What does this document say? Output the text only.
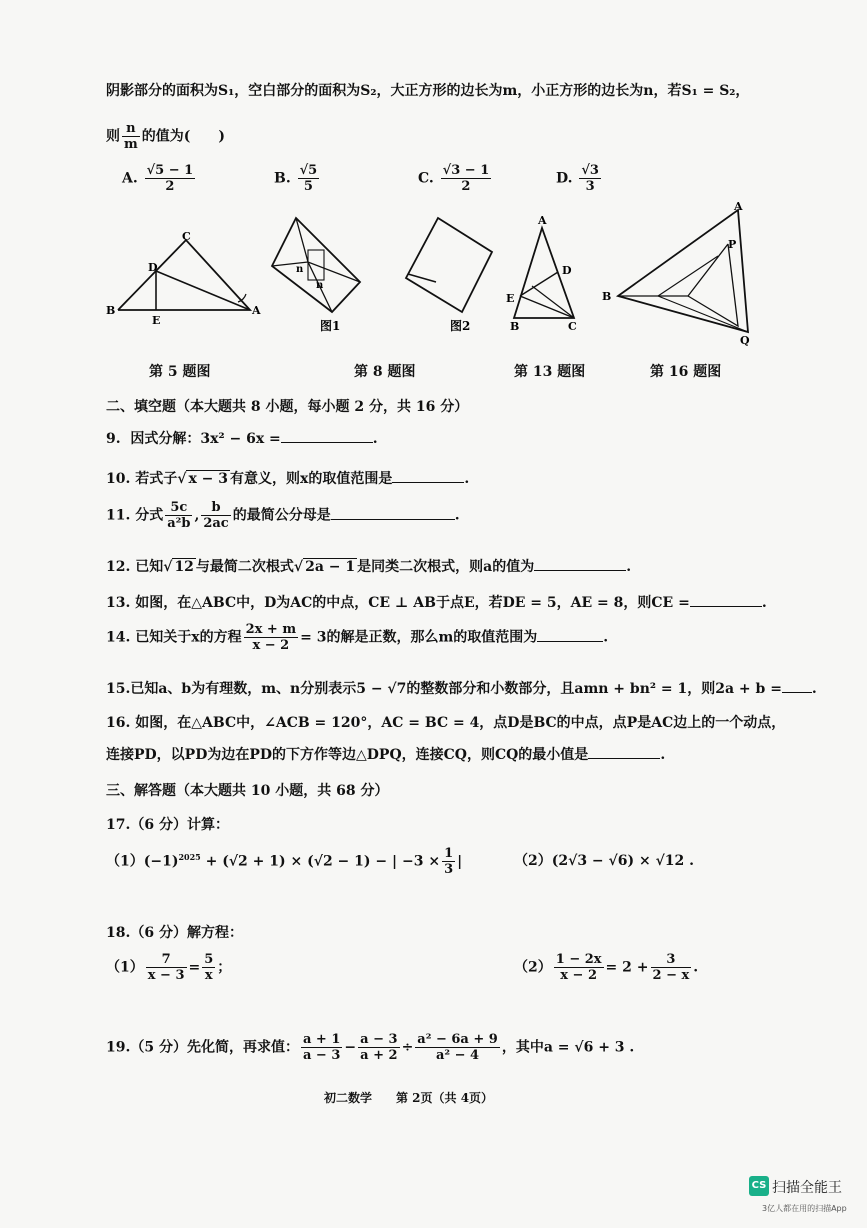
阴影部分的面积为S₁，空白部分的面积为S₂，大正方形的边长为m，小正方形的边长为n，若S₁ = S₂，
则 $\frac{n}{m}$ 的值为(　　)
A. $\frac{√5 - 1}{2}$	B. $\frac{√5}{5}$	C. $\frac{√3 - 1}{2}$	D. $\frac{√3}{3}$
C
D
B
E
A
n
n
图1	图2
A
D
E
B	C
A
P
B
Q
第 5 题图	第 8 题图	第 13 题图	第 16 题图
二、填空题（本大题共 8 小题，每小题 2 分，共 16 分）
9. 因式分解：3x² − 6x =	.
10. 若式子√ x − 3 有意义，则x的取值范围是	.
11. 分式 $\frac{5c}{\text{a²b}}$ , $\frac{b}{2ac}$ 的最简公分母是	.
12. 已知√ 12 与最简二次根式√ 2a − 1 是同类二次根式，则a的值为	.
13. 如图，在△ABC中，D为AC的中点，CE ⊥ AB于点E，若DE = 5，AE = 8，则CE =	.
14. 已知关于x的方程 $\frac{2x + m}{x - 2} = 3$的解是正数，那么m的取值范围为	.
15.已知a、b为有理数，m、n分别表示5 − √7的整数部分和小数部分，且amn + bn² = 1，则2a + b = .
16. 如图，在△ABC中，∠ACB = 120°，AC = BC = 4，点D是BC的中点，点P是AC边上的一个动点，
连接PD，以PD为边在PD的下方作等边△DPQ，连接CQ，则CQ的最小值是	.
三、解答题（本大题共 10 小题，共 68 分）
17.（6 分）计算：
$(1)(-1)^{2025} + (√2 + 1) \times (√2 - 1)$ − | $-3 \times \frac{1}{3}$ |	（2）(2√3 − √6) × √12 .
18.（6 分）解方程：
$(1) \frac{7}{x - 3} = \frac{5}{x}$ ；	$(2) \frac{1 - 2x}{x - 2} = 2 + \frac{3}{2 - x}$ .
19.（5 分）先化简，再求值： $\frac{a + 1}{a - 3} - \frac{a - 3}{a + 2} \div \frac{\text{a² − 6a + 9}}{\text{a² − 4}}$ ，其中a = √6 + 3 .
初二数学　　第 2页（共 4页）
CS 扫描全能王
3亿人都在用的扫描App
